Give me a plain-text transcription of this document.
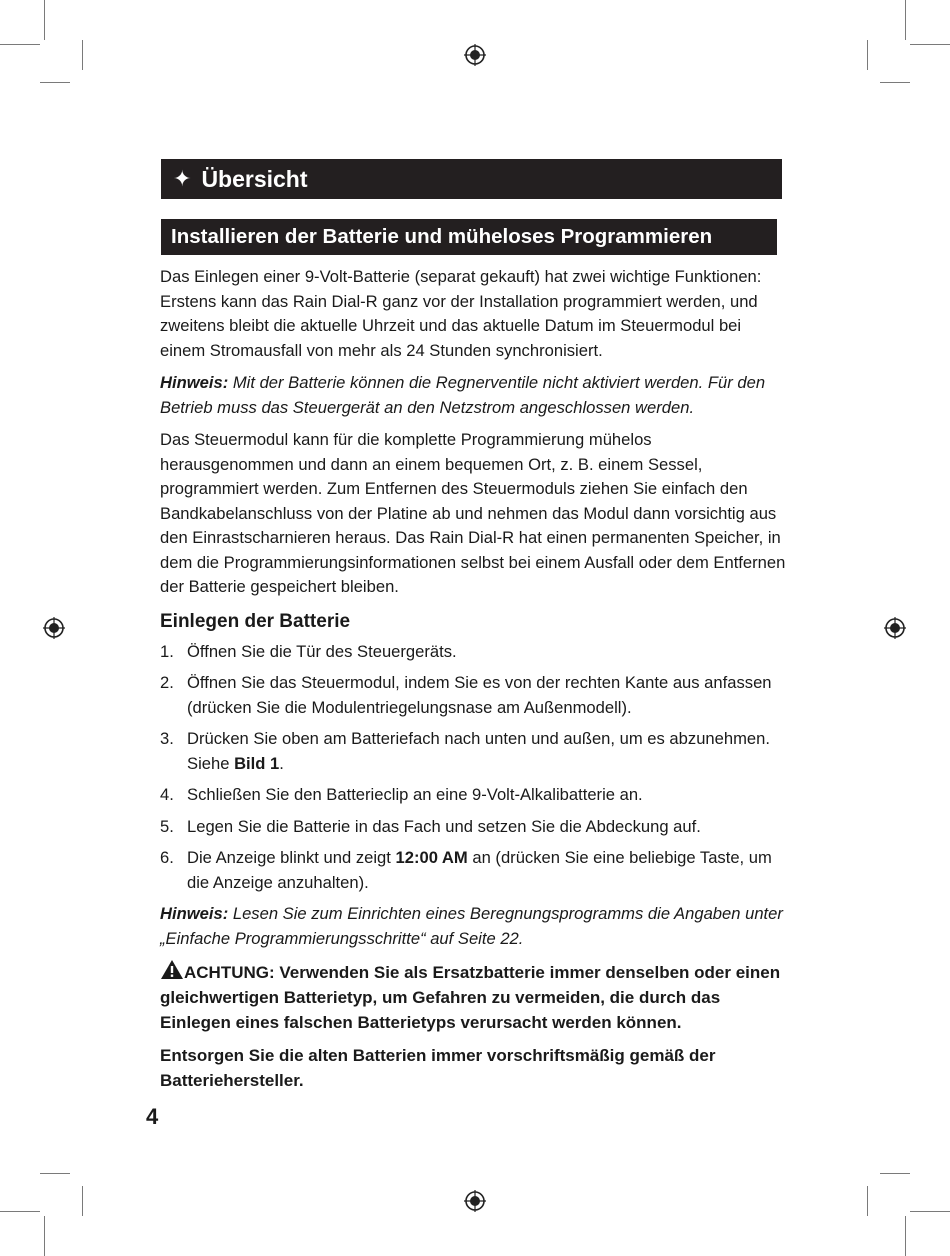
✦ Übersicht
Installieren der Batterie und müheloses Programmieren

Das Einlegen einer 9-Volt-Batterie (separat gekauft) hat zwei wichtige Funktionen: Erstens kann das Rain Dial-R ganz vor der Installation programmiert werden, und zweitens bleibt die aktuelle Uhrzeit und das aktuelle Datum im Steuermodul bei einem Stromausfall von mehr als 24 Stunden synchronisiert.

Hinweis: Mit der Batterie können die Regnerventile nicht aktiviert werden. Für den Betrieb muss das Steuergerät an den Netzstrom angeschlossen werden.

Das Steuermodul kann für die komplette Programmierung mühelos herausgenommen und dann an einem bequemen Ort, z. B. einem Sessel, programmiert werden. Zum Entfernen des Steuermoduls ziehen Sie einfach den Bandkabelanschluss von der Platine ab und nehmen das Modul dann vorsichtig aus den Einrastscharnieren heraus. Das Rain Dial-R hat einen permanenten Speicher, in dem die Programmierungsinformationen selbst bei einem Ausfall oder dem Entfernen der Batterie gespeichert bleiben.

Einlegen der Batterie
1. Öffnen Sie die Tür des Steuergeräts.
2. Öffnen Sie das Steuermodul, indem Sie es von der rechten Kante aus anfassen (drücken Sie die Modulentriegelungsnase am Außenmodell).
3. Drücken Sie oben am Batteriefach nach unten und außen, um es abzunehmen. Siehe Bild 1.
4. Schließen Sie den Batterieclip an eine 9-Volt-Alkalibatterie an.
5. Legen Sie die Batterie in das Fach und setzen Sie die Abdeckung auf.
6. Die Anzeige blinkt und zeigt 12:00 AM an (drücken Sie eine beliebige Taste, um die Anzeige anzuhalten).

Hinweis: Lesen Sie zum Einrichten eines Beregnungsprogramms die Angaben unter „Einfache Programmierungsschritte“ auf Seite 22.

ACHTUNG: Verwenden Sie als Ersatzbatterie immer denselben oder einen gleichwertigen Batterietyp, um Gefahren zu vermeiden, die durch das Einlegen eines falschen Batterietyps verursacht werden können.

Entsorgen Sie die alten Batterien immer vorschriftsmäßig gemäß der Batteriehersteller.

4
